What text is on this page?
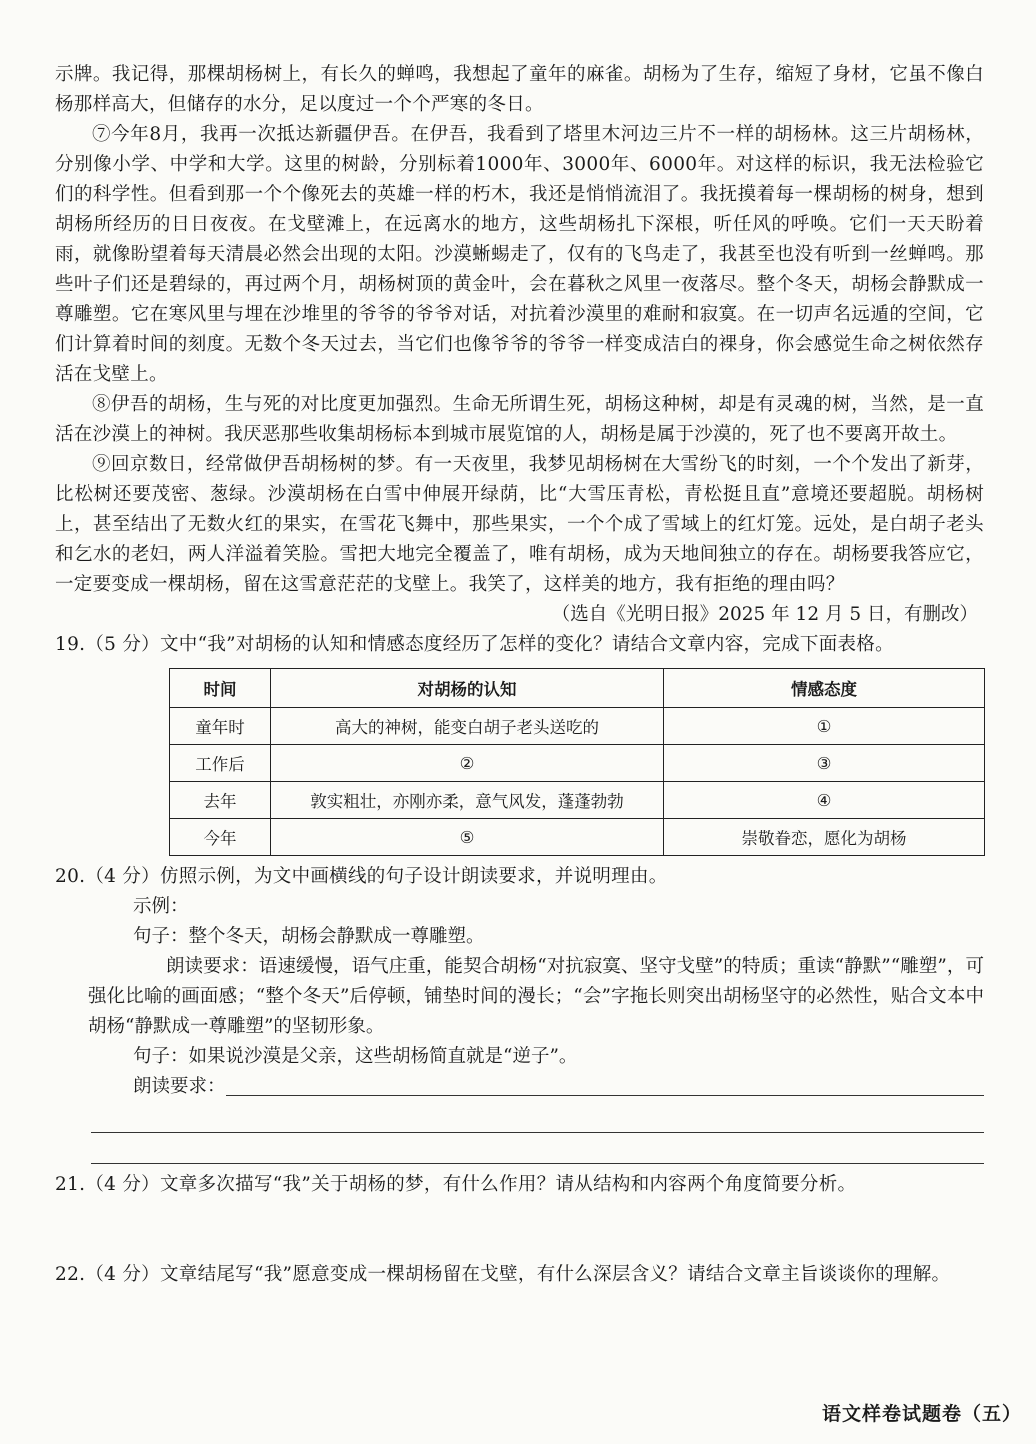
示牌。我记得，那棵胡杨树上，有长久的蝉鸣，我想起了童年的麻雀。胡杨为了生存，缩短了身材，它虽不像白杨那样高大，但储存的水分，足以度过一个个严寒的冬日。

⑦今年8月，我再一次抵达新疆伊吾。在伊吾，我看到了塔里木河边三片不一样的胡杨林。这三片胡杨林，分别像小学、中学和大学。这里的树龄，分别标着1000年、3000年、6000年。对这样的标识，我无法检验它们的科学性。但看到那一个个像死去的英雄一样的朽木，我还是悄悄流泪了。我抚摸着每一棵胡杨的树身，想到胡杨所经历的日日夜夜。在戈壁滩上，在远离水的地方，这些胡杨扎下深根，听任风的呼唤。它们一天天盼着雨，就像盼望着每天清晨必然会出现的太阳。沙漠蜥蜴走了，仅有的飞鸟走了，我甚至也没有听到一丝蝉鸣。那些叶子们还是碧绿的，再过两个月，胡杨树顶的黄金叶，会在暮秋之风里一夜落尽。整个冬天，胡杨会静默成一尊雕塑。它在寒风里与埋在沙堆里的爷爷的爷爷对话，对抗着沙漠里的难耐和寂寞。在一切声名远遁的空间，它们计算着时间的刻度。无数个冬天过去，当它们也像爷爷的爷爷一样变成洁白的裸身，你会感觉生命之树依然存活在戈壁上。

⑧伊吾的胡杨，生与死的对比度更加强烈。生命无所谓生死，胡杨这种树，却是有灵魂的树，当然，是一直活在沙漠上的神树。我厌恶那些收集胡杨标本到城市展览馆的人，胡杨是属于沙漠的，死了也不要离开故土。

⑨回京数日，经常做伊吾胡杨树的梦。有一天夜里，我梦见胡杨树在大雪纷飞的时刻，一个个发出了新芽，比松树还要茂密、葱绿。沙漠胡杨在白雪中伸展开绿荫，比“大雪压青松，青松挺且直”意境还要超脱。胡杨树上，甚至结出了无数火红的果实，在雪花飞舞中，那些果实，一个个成了雪域上的红灯笼。远处，是白胡子老头和乞水的老妇，两人洋溢着笑脸。雪把大地完全覆盖了，唯有胡杨，成为天地间独立的存在。胡杨要我答应它，一定要变成一棵胡杨，留在这雪意茫茫的戈壁上。我笑了，这样美的地方，我有拒绝的理由吗？

（选自《光明日报》2025 年 12 月 5 日，有删改）

19.（5 分）文中“我”对胡杨的认知和情感态度经历了怎样的变化？请结合文章内容，完成下面表格。

时间	对胡杨的认知	情感态度
童年时	高大的神树，能变白胡子老头送吃的	①
工作后	②	③
去年	敦实粗壮，亦刚亦柔，意气风发，蓬蓬勃勃	④
今年	⑤	崇敬眷恋，愿化为胡杨

20.（4 分）仿照示例，为文中画横线的句子设计朗读要求，并说明理由。

示例：

句子：整个冬天，胡杨会静默成一尊雕塑。

朗读要求：语速缓慢，语气庄重，能契合胡杨“对抗寂寞、坚守戈壁”的特质；重读“静默”“雕塑”，可强化比喻的画面感；“整个冬天”后停顿，铺垫时间的漫长；“会”字拖长则突出胡杨坚守的必然性，贴合文本中胡杨“静默成一尊雕塑”的坚韧形象。

句子：如果说沙漠是父亲，这些胡杨简直就是“逆子”。

朗读要求：

21.（4 分）文章多次描写“我”关于胡杨的梦，有什么作用？请从结构和内容两个角度简要分析。

22.（4 分）文章结尾写“我”愿意变成一棵胡杨留在戈壁，有什么深层含义？请结合文章主旨谈谈你的理解。

语文样卷试题卷（五）
